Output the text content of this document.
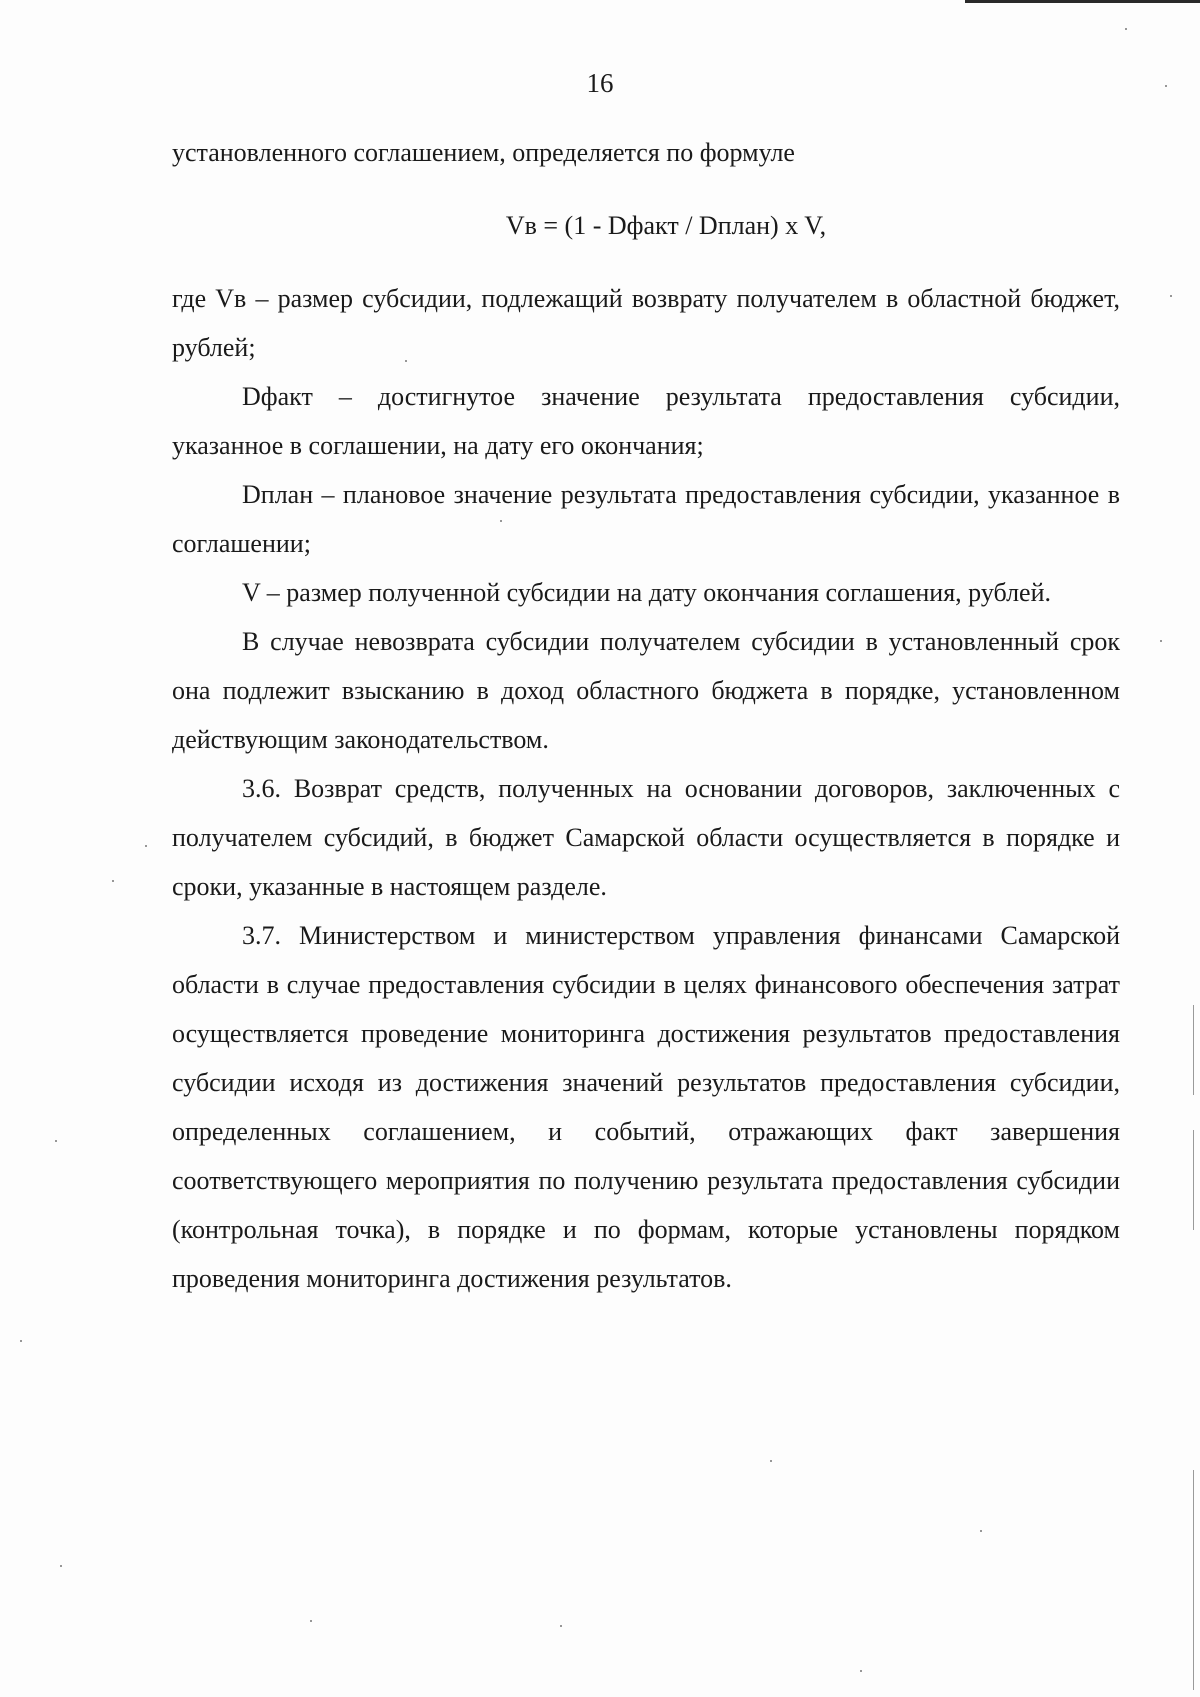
16

установленного соглашением, определяется по формуле

Vв = (1 - Dфакт / Dплан) x V,

где Vв – размер субсидии, подлежащий возврату получателем в областной бюджет, рублей;

Dфакт – достигнутое значение результата предоставления субсидии, указанное в соглашении, на дату его окончания;

Dплан – плановое значение результата предоставления субсидии, указанное в соглашении;

V – размер полученной субсидии на дату окончания соглашения, рублей.

В случае невозврата субсидии получателем субсидии в установленный срок она подлежит взысканию в доход областного бюджета в порядке, установленном действующим законодательством.

3.6. Возврат средств, полученных на основании договоров, заключенных с получателем субсидий, в бюджет Самарской области осуществляется в порядке и сроки, указанные в настоящем разделе.

3.7. Министерством и министерством управления финансами Самарской области в случае предоставления субсидии в целях финансового обеспечения затрат осуществляется проведение мониторинга достижения результатов предоставления субсидии исходя из достижения значений результатов предоставления субсидии, определенных соглашением, и событий, отражающих факт завершения соответствующего мероприятия по получению результата предоставления субсидии (контрольная точка), в порядке и по формам, которые установлены порядком проведения мониторинга достижения результатов.
